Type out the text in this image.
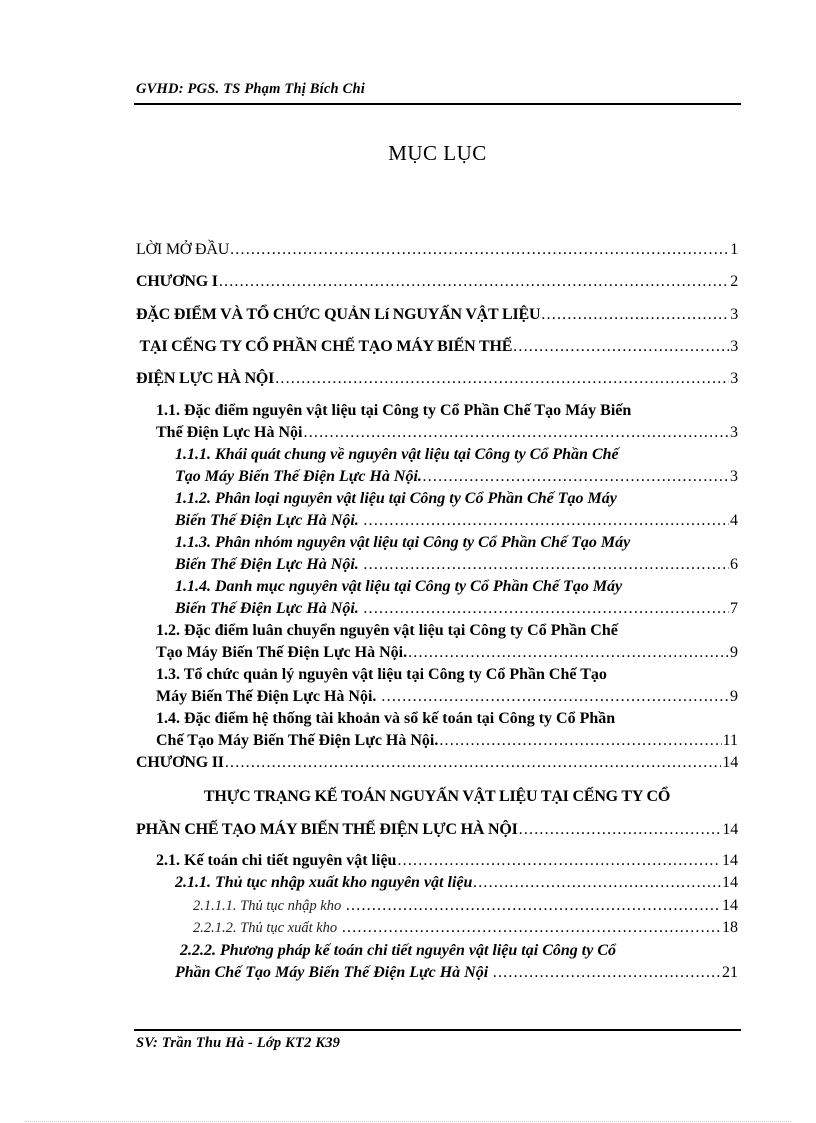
GVHD: PGS. TS Phạm Thị Bích Chi
MỤC LỤC
LỜI MỞ ĐẦU .....	1
CHƯƠNG I .....	2
ĐẶC ĐIỂM VÀ TỔ CHỨC QUẢN Lí NGUYẤN VẬT LIỆU .....	3
TẠI CẾNG TY CỔ PHẦN CHẾ TẠO MÁY BIẾN THẾ .....	3
ĐIỆN LỰC HÀ NỘI .....	3
1.1. Đặc điểm nguyên vật liệu tại Công ty Cổ Phần Chế Tạo Máy Biến
Thế Điện Lực Hà Nội .....	3
1.1.1. Khái quát chung về nguyên vật liệu tại Công ty Cổ Phần Chế
Tạo Máy Biến Thế Điện Lực Hà Nội. .....	3
1.1.2. Phân loại nguyên vật liệu tại Công ty Cổ Phần Chế Tạo Máy
Biến Thế Điện Lực Hà Nội. .....	4
1.1.3. Phân nhóm nguyên vật liệu tại Công ty Cổ Phần Chế Tạo Máy
Biến Thế Điện Lực Hà Nội. .....	6
1.1.4. Danh mục nguyên vật liệu tại Công ty Cổ Phần Chế Tạo Máy
Biến Thế Điện Lực Hà Nội. .....	7
1.2. Đặc điểm luân chuyển nguyên vật liệu tại Công ty Cổ Phần Chế
Tạo Máy Biến Thế Điện Lực Hà Nội. .....	9
1.3. Tổ chức quản lý nguyên vật liệu tại Công ty Cổ Phần Chế Tạo
Máy Biến Thế Điện Lực Hà Nội. .....	9
1.4. Đặc điểm hệ thống tài khoản và sổ kế toán tại Công ty Cổ Phần
Chế Tạo Máy Biến Thế Điện Lực Hà Nội. .....	11
CHƯƠNG II .....	14
THỰC TRẠNG KẾ TOÁN NGUYẤN VẬT LIỆU TẠI CẾNG TY CỔ
PHẦN CHẾ TẠO MÁY BIẾN THẾ ĐIỆN LỰC HÀ NỘI .....	14
2.1. Kế toán chi tiết nguyên vật liệu .....	14
2.1.1. Thủ tục nhập xuất kho nguyên vật liệu .....	14
2.1.1.1. Thủ tục nhập kho .....	14
2.2.1.2. Thủ tục xuất kho .....	18
2.2.2. Phương pháp kế toán chi tiết nguyên vật liệu tại Công ty Cổ
Phần Chế Tạo Máy Biến Thế Điện Lực Hà Nội .....	21
SV: Trần Thu Hà - Lớp KT2 K39
